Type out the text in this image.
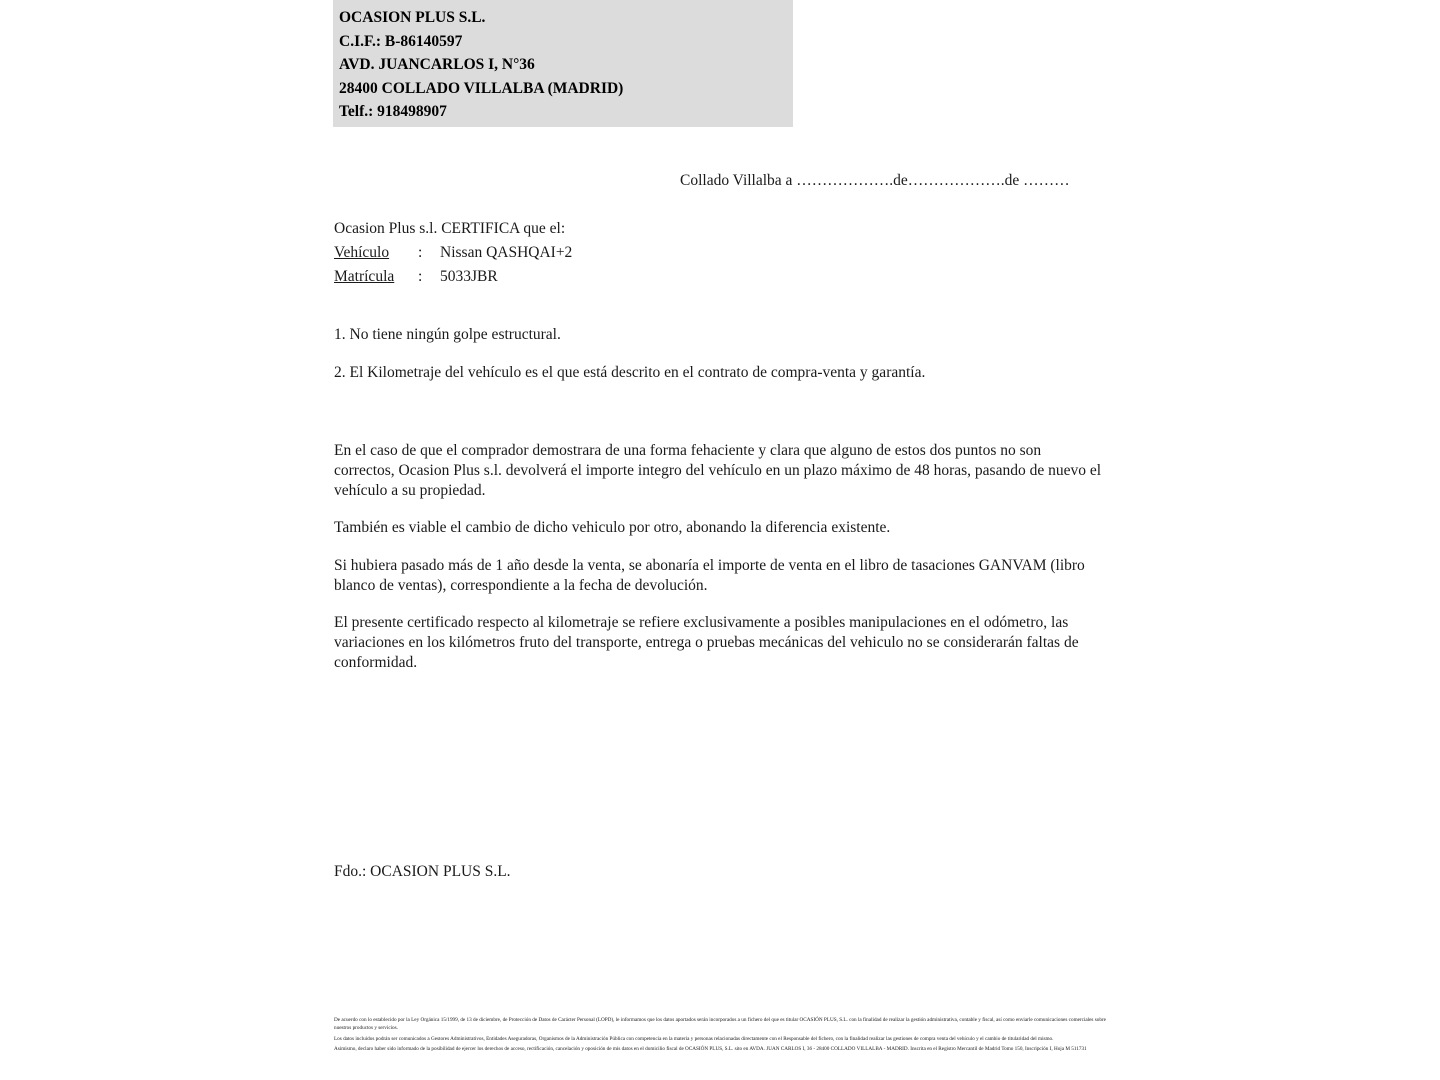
OCASION PLUS S.L.
C.I.F.: B-86140597
AVD. JUANCARLOS I, N°36
28400 COLLADO VILLALBA (MADRID)
Telf.: 918498907
Collado Villalba a ……………….de……………….de ………
Ocasion Plus s.l. CERTIFICA que el:
Vehículo : Nissan QASHQAI+2
Matrícula : 5033JBR
1. No tiene ningún golpe estructural.
2. El Kilometraje del vehículo es el que está descrito en el contrato de compra-venta y garantía.
En el caso de que el comprador demostrara de una forma fehaciente y clara que alguno de estos dos puntos no son correctos, Ocasion Plus s.l. devolverá el importe integro del vehículo en un plazo máximo de 48 horas, pasando de nuevo el vehículo a su propiedad.
También es viable el cambio de dicho vehiculo por otro, abonando la diferencia existente.
Si hubiera pasado más de 1 año desde la venta, se abonaría el importe de venta en el libro de tasaciones GANVAM (libro blanco de ventas), correspondiente a la fecha de devolución.
El presente certificado respecto al kilometraje se refiere exclusivamente a posibles manipulaciones en el odómetro, las variaciones en los kilómetros fruto del transporte, entrega o pruebas mecánicas del vehiculo no se considerarán faltas de conformidad.
Fdo.: OCASION PLUS S.L.

De acuerdo con lo establecido por la Ley Orgánica 15/1999, de 13 de diciembre, de Protección de Datos de Carácter Personal (LOPD), le informamos que los datos aportados serán incorporados a un fichero del que es titular OCASIÓN PLUS, S.L. con la finalidad de realizar la gestión administrativa, contable y fiscal, así como enviarle comunicaciones comerciales sobre nuestros productos y servicios.

Los datos incluidos podrán ser comunicados a Gestores Administrativos, Entidades Aseguradoras, Organismos de la Administración Pública con competencia en la materia y personas relacionadas directamente con el Responsable del fichero, con la finalidad realizar las gestiones de compra venta del vehículo y el cambio de titularidad del mismo.

Asimismo, declaro haber sido informado de la posibilidad de ejercer los derechos de acceso, rectificación, cancelación y oposición de mis datos en el domicilio fiscal de OCASIÓN PLUS, S.L. sito en AVDA. JUAN CARLOS I, 36 - 28400 COLLADO VILLALBA - MADRID. Inscrita en el Registro Mercantil de Madrid Tomo 150, Inscripción I, Hoja M 511731
